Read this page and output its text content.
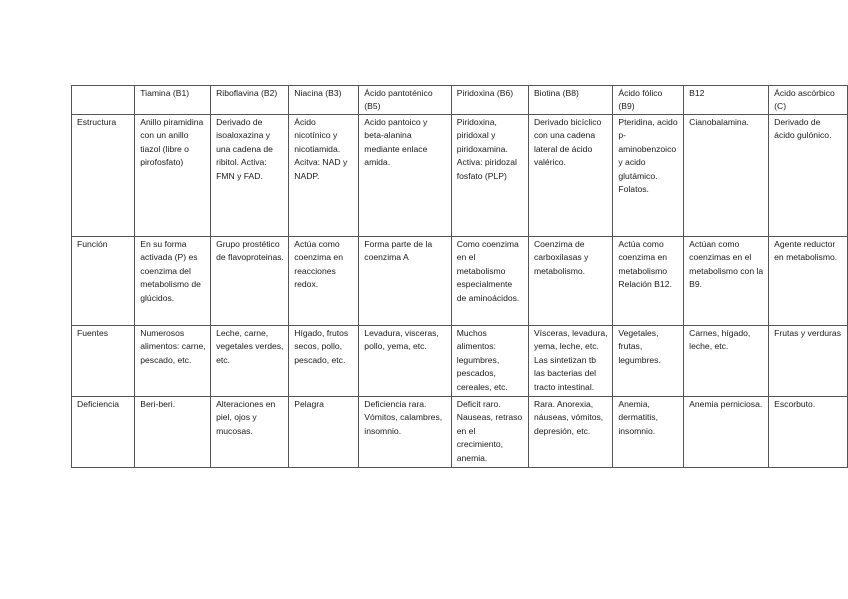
	Tiamina (B1)	Riboflavina (B2)	Niacina (B3)	Ácido pantoténico (B5)	Piridoxina (B6)	Biotina (B8)	Ácido fólico (B9)	B12	Ácido ascórbico (C)
Estructura	Anillo piramidina con un anillo tiazol (libre o pirofosfato)	Derivado de isoaloxazina y una cadena de ribitol. Activa: FMN y FAD.	Ácido nicotínico y nicotiamida. Acitva: NAD y NADP.	Acido pantoico y beta-alanina mediante enlace amida.	Piridoxina, piridoxal y piridoxamina. Activa: piridozal fosfato (PLP)	Derivado bicíclico con una cadena lateral de ácido valérico.	Pteridina, acido p-aminobenzoico y acido glutámico. Folatos.	Cianobalamina.	Derivado de ácido gulónico.
Función	En su forma activada (P) es coenzima del metabolismo de glúcidos.	Grupo prostético de flavoproteinas.	Actúa como coenzima en reacciones redox.	Forma parte de la coenzima A	Como coenzima en el metabolismo especialmente de aminoácidos.	Coenzima de carboxilasas y metabolismo.	Actúa como coenzima en metabolismo Relación B12.	Actúan como coenzimas en el metabolismo con la B9.	Agente reductor en metabolismo.
Fuentes	Numerosos alimentos: carne, pescado, etc.	Leche, carne, vegetales verdes, etc.	Hígado, frutos secos, pollo, pescado, etc.	Levadura, visceras, pollo, yema, etc.	Muchos alimentos: legumbres, pescados, cereales, etc.	Vísceras, levadura, yema, leche, etc. Las sintetizan tb las bacterias del tracto intestinal.	Vegetales, frutas, legumbres.	Carnes, hígado, leche, etc.	Frutas y verduras
Deficiencia	Beri-beri.	Alteraciones en piel, ojos y mucosas.	Pelagra	Deficiencia rara. Vómitos, calambres, insomnio.	Deficit raro. Nauseas, retraso en el crecimiento, anemia.	Rara. Anorexia, náuseas, vómitos, depresión, etc.	Anemia, dermatitis, insomnio.	Anemia perniciosa.	Escorbuto.
